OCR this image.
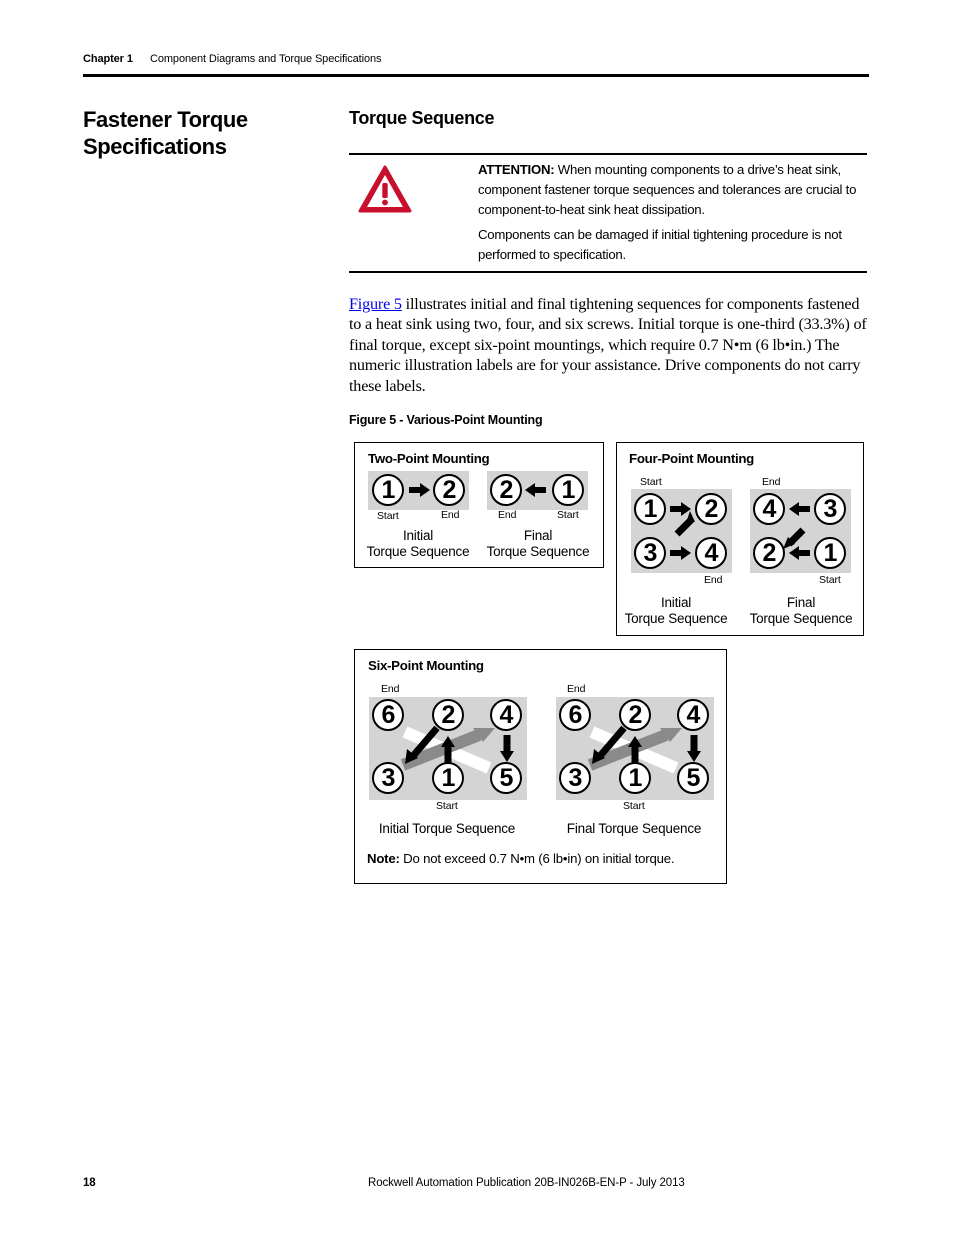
Chapter 1 Component Diagrams and Torque Specifications
Fastener Torque Specifications
Torque Sequence

ATTENTION: When mounting components to a drive’s heat sink, component fastener torque sequences and tolerances are crucial to component-to-heat sink heat dissipation.

Components can be damaged if initial tightening procedure is not performed to specification.

Figure 5 illustrates initial and final tightening sequences for components fastened to a heat sink using two, four, and six screws. Initial torque is one-third (33.3%) of final torque, except six-point mountings, which require 0.7 N•m (6 lb•in.) The numeric illustration labels are for your assistance. Drive components do not carry these labels.
Figure 5 - Various-Point Mounting
Two-Point Mounting
1	2	2	1
Start	End	End	Start
Initial
Torque Sequence
Final
Torque Sequence
Four-Point Mounting
Start	End
1	2
3	4
4	3
2	1
End	Start
Initial
Torque Sequence
Final
Torque Sequence
Six-Point Mounting
End	End
6	2	4
3	1	5
6	2	4
3	1	5
Start	Start
Initial Torque Sequence	Final Torque Sequence
Note: Do not exceed 0.7 N•m (6 lb•in) on initial torque.
18	Rockwell Automation Publication 20B-IN026B-EN-P - July 2013
